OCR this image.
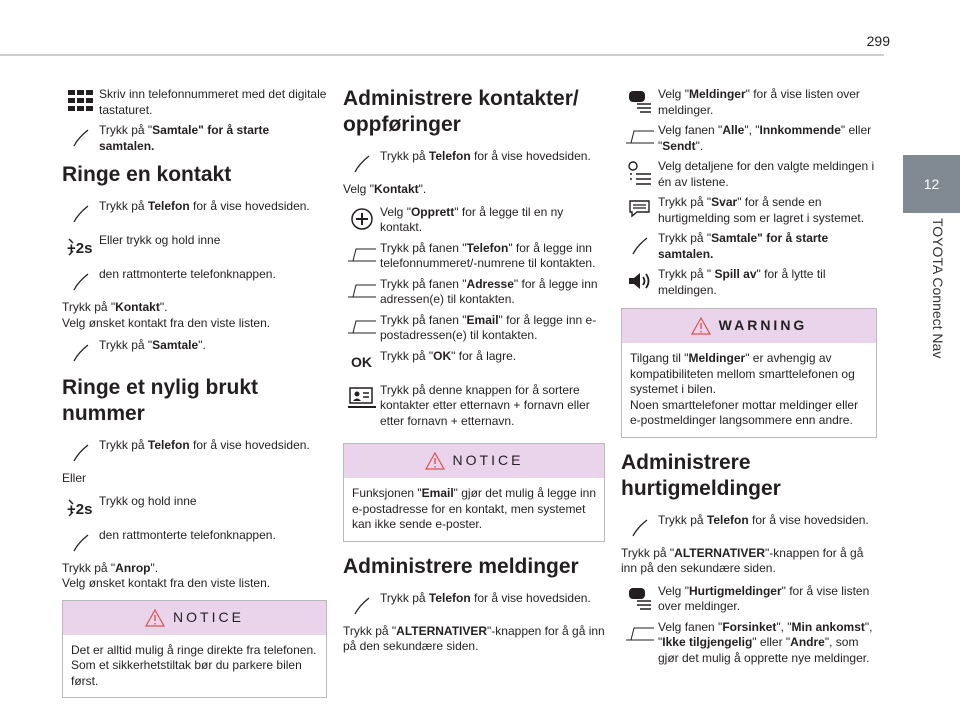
299
12
TOYOTA Connect Nav
Skriv inn telefonnummeret med det digitale tastaturet.
Trykk på "Samtale" for å starte samtalen.
Ringe en kontakt
Trykk på Telefon for å vise hovedsiden.
+2s Eller trykk og hold inne
den rattmonterte telefonknappen.

Trykk på "Kontakt".
Velg ønsket kontakt fra den viste listen.

Trykk på "Samtale".
Ringe et nylig brukt nummer
Trykk på Telefon for å vise hovedsiden.

Eller

+2s Trykk og hold inne
den rattmonterte telefonknappen.

Trykk på "Anrop".
Velg ønsket kontakt fra den viste listen.

NOTICE
Det er alltid mulig å ringe direkte fra telefonen. Som et sikkerhetstiltak bør du parkere bilen først.
Administrere kontakter/ oppføringer
Trykk på Telefon for å vise hovedsiden.

Velg "Kontakt".

Velg "Opprett" for å legge til en ny kontakt.
Trykk på fanen "Telefon" for å legge inn telefonnummeret/-numrene til kontakten.
Trykk på fanen "Adresse" for å legge inn adressen(e) til kontakten.
Trykk på fanen "Email" for å legge inn e-postadressen(e) til kontakten.
OK Trykk på "OK" for å lagre.
Trykk på denne knappen for å sortere kontakter etter etternavn + fornavn eller etter fornavn + etternavn.
NOTICE
Funksjonen "Email" gjør det mulig å legge inn e-postadresse for en kontakt, men systemet kan ikke sende e-poster.
Administrere meldinger
Trykk på Telefon for å vise hovedsiden.

Trykk på "ALTERNATIVER"-knappen for å gå inn på den sekundære siden.

Velg "Meldinger" for å vise listen over meldinger.
Velg fanen "Alle", "Innkommende" eller "Sendt".
Velg detaljene for den valgte meldingen i én av listene.
Trykk på "Svar" for å sende en hurtigmelding som er lagret i systemet.
Trykk på "Samtale" for å starte samtalen.
Trykk på " Spill av" for å lytte til meldingen.
WARNING
Tilgang til "Meldinger" er avhengig av kompatibiliteten mellom smarttelefonen og systemet i bilen.
Noen smarttelefoner mottar meldinger eller e-postmeldinger langsommere enn andre.
Administrere hurtigmeldinger
Trykk på Telefon for å vise hovedsiden.

Trykk på "ALTERNATIVER"-knappen for å gå inn på den sekundære siden.

Velg "Hurtigmeldinger" for å vise listen over meldinger.
Velg fanen "Forsinket", "Min ankomst", "Ikke tilgjengelig" eller "Andre", som gjør det mulig å opprette nye meldinger.
